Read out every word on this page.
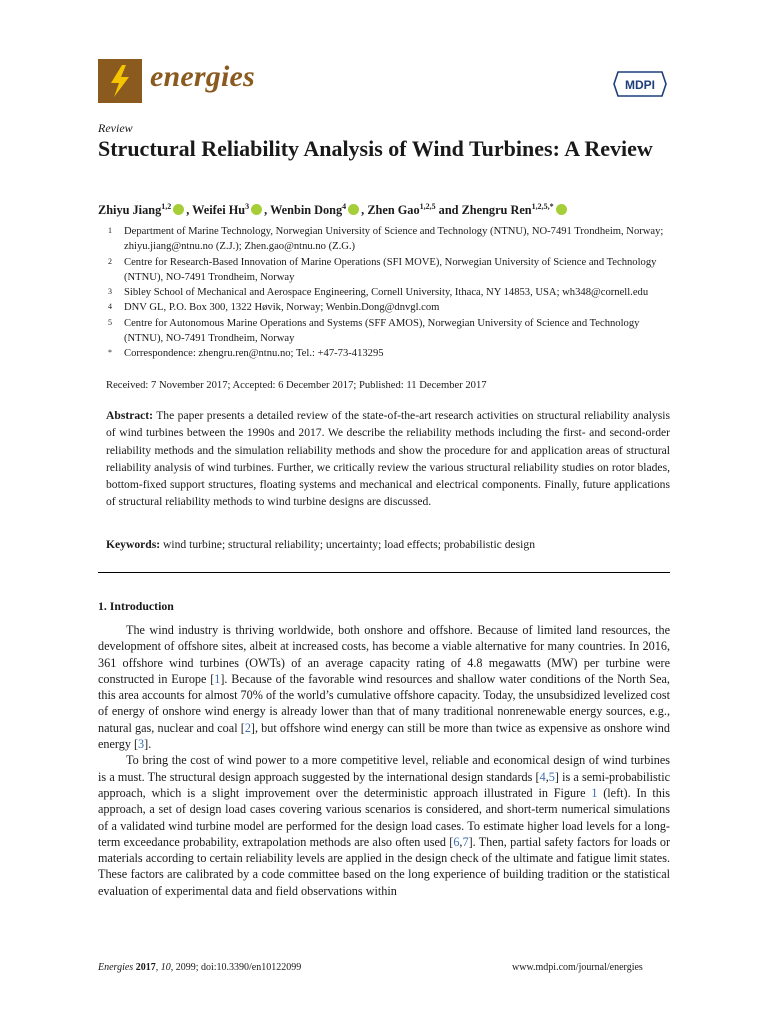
energies	MDPI
Review
Structural Reliability Analysis of Wind Turbines: A Review
Zhiyu Jiang$^{1,2}$ , Weifei Hu$^3$ , Wenbin Dong$^4$ , Zhen Gao$^{1,2,5}$ and Zhengru Ren$^{1,2,5,*}$
1	Department of Marine Technology, Norwegian University of Science and Technology (NTNU), NO-7491 Trondheim, Norway; zhiyu.jiang@ntnu.no (Z.J.); Zhen.gao@ntnu.no (Z.G.)
2	Centre for Research-Based Innovation of Marine Operations (SFI MOVE), Norwegian University of Science and Technology (NTNU), NO-7491 Trondheim, Norway
3	Sibley School of Mechanical and Aerospace Engineering, Cornell University, Ithaca, NY 14853, USA; wh348@cornell.edu
4	DNV GL, P.O. Box 300, 1322 Høvik, Norway; Wenbin.Dong@dnvgl.com
5	Centre for Autonomous Marine Operations and Systems (SFF AMOS), Norwegian University of Science and Technology (NTNU), NO-7491 Trondheim, Norway
*	Correspondence: zhengru.ren@ntnu.no; Tel.: +47-73-413295
Received: 7 November 2017; Accepted: 6 December 2017; Published: 11 December 2017
Abstract: The paper presents a detailed review of the state-of-the-art research activities on structural reliability analysis of wind turbines between the 1990s and 2017. We describe the reliability methods including the first- and second-order reliability methods and the simulation reliability methods and show the procedure for and application areas of structural reliability analysis of wind turbines. Further, we critically review the various structural reliability studies on rotor blades, bottom-fixed support structures, floating systems and mechanical and electrical components. Finally, future applications of structural reliability methods to wind turbine designs are discussed.
Keywords: wind turbine; structural reliability; uncertainty; load effects; probabilistic design
1. Introduction

The wind industry is thriving worldwide, both onshore and offshore. Because of limited land resources, the development of offshore sites, albeit at increased costs, has become a viable alternative for many countries. In 2016, 361 offshore wind turbines (OWTs) of an average capacity rating of 4.8 megawatts (MW) per turbine were constructed in Europe [1]. Because of the favorable wind resources and shallow water conditions of the North Sea, this area accounts for almost 70% of the world’s cumulative offshore capacity. Today, the unsubsidized levelized cost of energy of onshore wind energy is already lower than that of many traditional nonrenewable energy sources, e.g., natural gas, nuclear and coal [2], but offshore wind energy can still be more than twice as expensive as onshore wind energy [3].

To bring the cost of wind power to a more competitive level, reliable and economical design of wind turbines is a must. The structural design approach suggested by the international design standards [4,5] is a semi-probabilistic approach, which is a slight improvement over the deterministic approach illustrated in Figure 1 (left). In this approach, a set of design load cases covering various scenarios is considered, and short-term numerical simulations of a validated wind turbine model are performed for the design load cases. To estimate higher load levels for a long-term exceedance probability, extrapolation methods are also often used [6,7]. Then, partial safety factors for loads or materials according to certain reliability levels are applied in the design check of the ultimate and fatigue limit states. These factors are calibrated by a code committee based on the long experience of building tradition or the statistical evaluation of experimental data and field observations within

Energies 2017, 10, 2099; doi:10.3390/en10122099	www.mdpi.com/journal/energies
